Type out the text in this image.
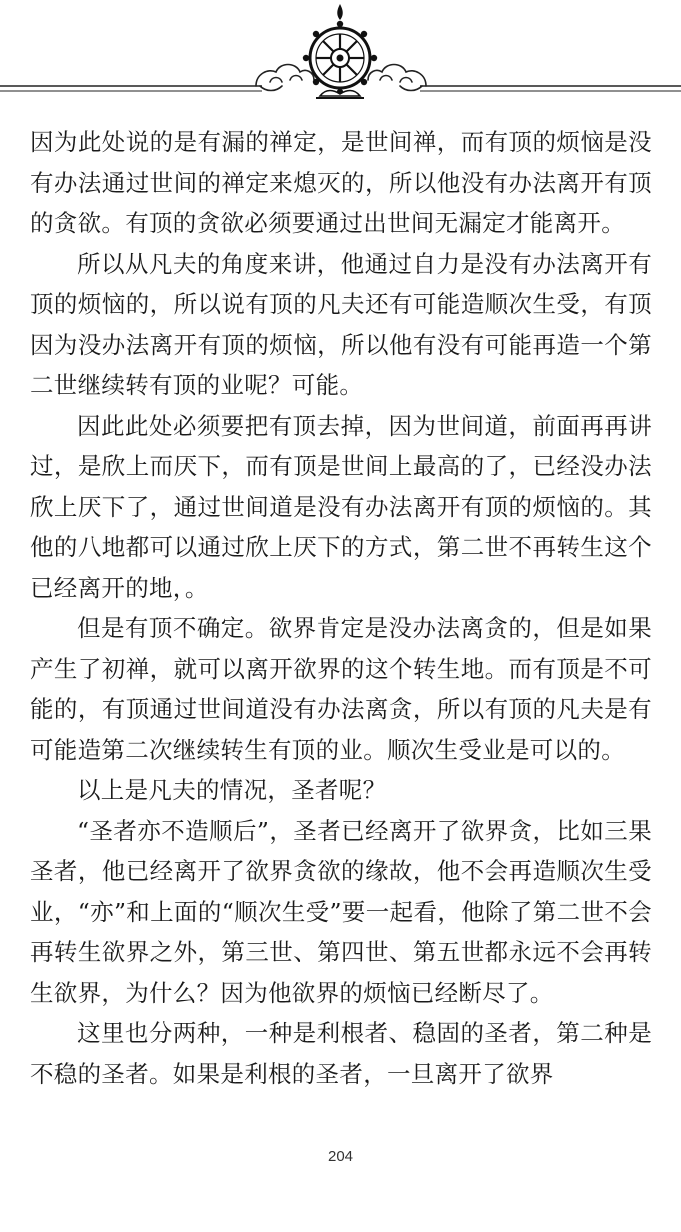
因为此处说的是有漏的禅定，是世间禅，而有顶的烦恼是没有办法通过世间的禅定来熄灭的，所以他没有办法离开有顶的贪欲。有顶的贪欲必须要通过出世间无漏定才能离开。

所以从凡夫的角度来讲，他通过自力是没有办法离开有顶的烦恼的，所以说有顶的凡夫还有可能造顺次生受，有顶因为没办法离开有顶的烦恼，所以他有没有可能再造一个第二世继续转有顶的业呢？可能。

因此此处必须要把有顶去掉，因为世间道，前面再再讲过，是欣上而厌下，而有顶是世间上最高的了，已经没办法欣上厌下了，通过世间道是没有办法离开有顶的烦恼的。其他的八地都可以通过欣上厌下的方式，第二世不再转生这个已经离开的地，。

但是有顶不确定。欲界肯定是没办法离贪的，但是如果产生了初禅，就可以离开欲界的这个转生地。而有顶是不可能的，有顶通过世间道没有办法离贪，所以有顶的凡夫是有可能造第二次继续转生有顶的业。顺次生受业是可以的。

以上是凡夫的情况，圣者呢？

“圣者亦不造顺后”，圣者已经离开了欲界贪，比如三果圣者，他已经离开了欲界贪欲的缘故，他不会再造顺次生受业，“亦”和上面的“顺次生受”要一起看，他除了第二世不会再转生欲界之外，第三世、第四世、第五世都永远不会再转生欲界，为什么？因为他欲界的烦恼已经断尽了。

这里也分两种，一种是利根者、稳固的圣者，第二种是不稳的圣者。如果是利根的圣者，一旦离开了欲界

204
